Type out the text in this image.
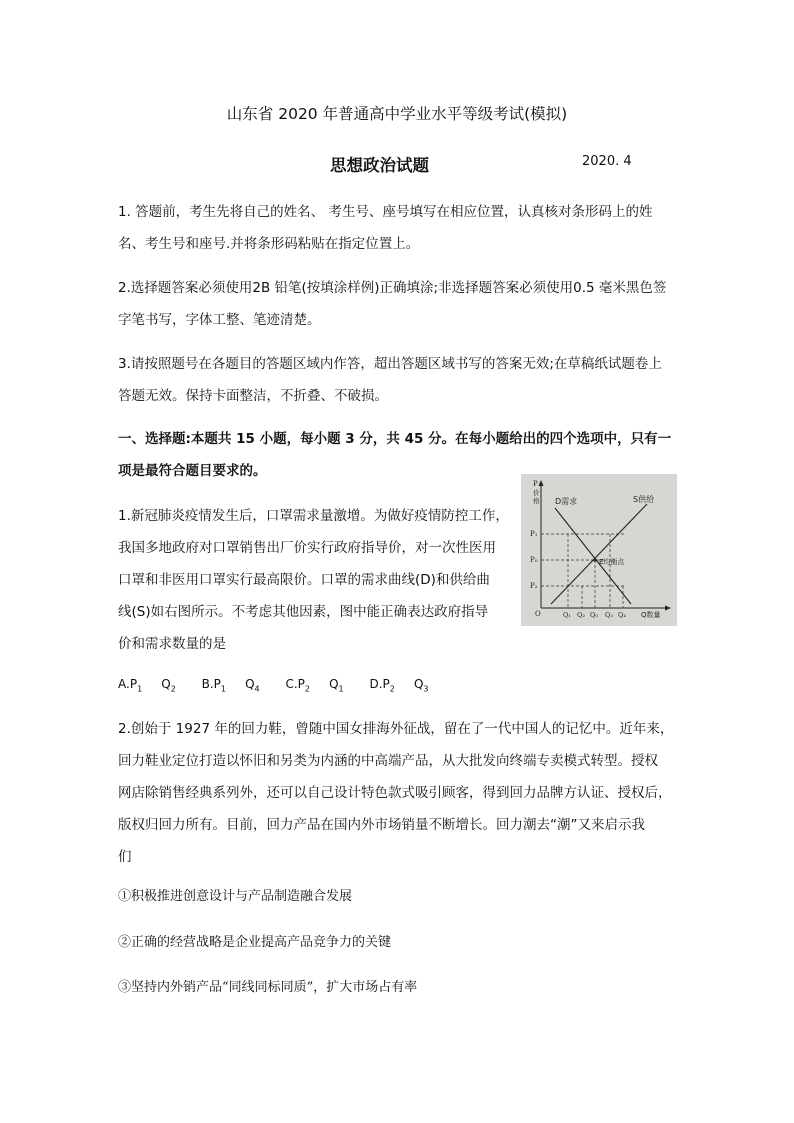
山东省 2020 年普通高中学业水平等级考试(模拟)
思想政治试题	2020. 4
1. 答题前，考生先将自己的姓名、 考生号、座号填写在相应位置，认真核对条形码上的姓
名、考生号和座号.并将条形码粘贴在指定位置上。
2.选择题答案必须使用2B 铅笔(按填涂样例)正确填涂;非选择题答案必须使用0.5 毫米黑色签
字笔书写，字体工整、笔迹清楚。
3.请按照题号在各题目的答题区域内作答，超出答题区域书写的答案无效;在草稿纸试题卷上
答题无效。保持卡面整洁，不折叠、不破损。
一、选择题:本题共 15 小题，每小题 3 分，共 45 分。在每小题给出的四个选项中，只有一
项是最符合题目要求的。
1.新冠肺炎疫情发生后，口罩需求量激增。为做好疫情防控工作，
我国多地政府对口罩销售出厂价实行政府指导价，对一次性医用
口罩和非医用口罩实行最高限价。口罩的需求曲线(D)和供给曲
线(S)如右图所示。不考虑其他因素，图中能正确表达政府指导
价和需求数量的是
P
价
格 D需求	S供给
E均衡点
P₁
P₀
P₂
O	Q₁ Q₂ Q₀ Q₃ Q₄ Q数量
$A.P_1$ $Q_2$ $B.P_1$ $Q_4$ $C.P_2$ $Q_1$ $D.P_2$ $Q_3$
2.创始于 1927 年的回力鞋，曾随中国女排海外征战，留在了一代中国人的记忆中。近年来，
回力鞋业定位打造以怀旧和另类为内涵的中高端产品，从大批发向终端专卖模式转型。授权
网店除销售经典系列外，还可以自己设计特色款式吸引顾客，得到回力品牌方认证、授权后，
版权归回力所有。目前，回力产品在国内外市场销量不断增长。回力潮去“潮”又来启示我
们
①积极推进创意设计与产品制造融合发展
②正确的经营战略是企业提高产品竞争力的关键
③坚持内外销产品“同线同标同质”，扩大市场占有率
